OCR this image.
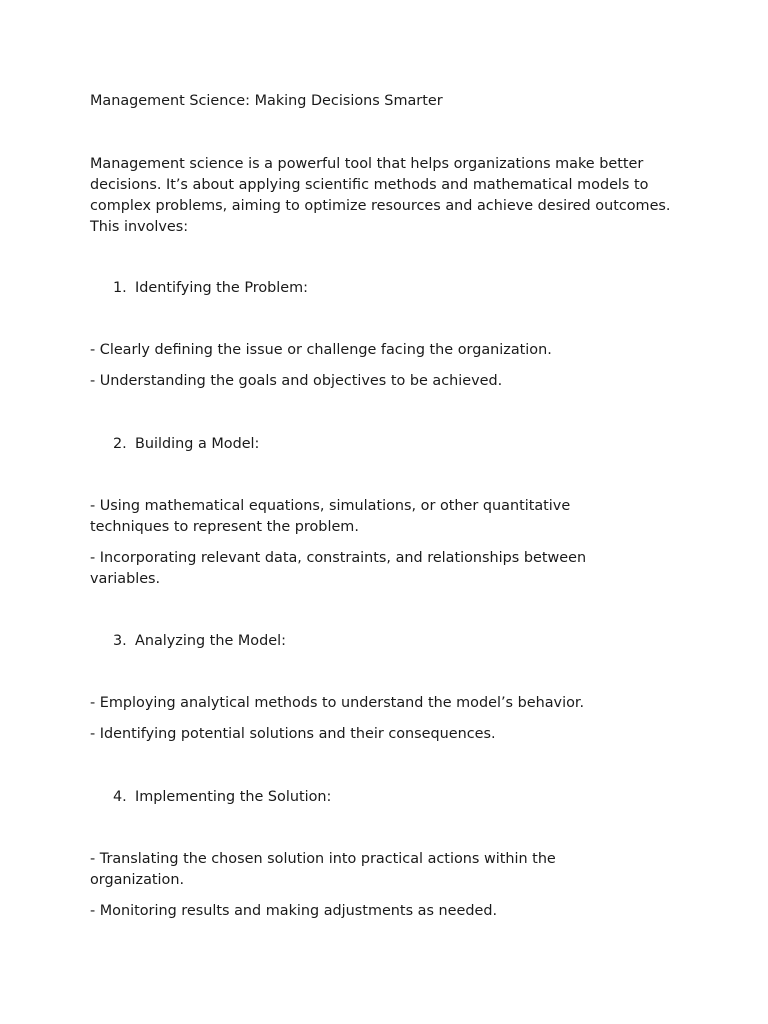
Management Science: Making Decisions Smarter

Management science is a powerful tool that helps organizations make better decisions. It’s about applying scientific methods and mathematical models to complex problems, aiming to optimize resources and achieve desired outcomes. This involves:

1. Identifying the Problem:

- Clearly defining the issue or challenge facing the organization.
- Understanding the goals and objectives to be achieved.

2. Building a Model:

- Using mathematical equations, simulations, or other quantitative techniques to represent the problem.
- Incorporating relevant data, constraints, and relationships between variables.

3. Analyzing the Model:

- Employing analytical methods to understand the model’s behavior.
- Identifying potential solutions and their consequences.

4. Implementing the Solution:

- Translating the chosen solution into practical actions within the organization.
- Monitoring results and making adjustments as needed.
